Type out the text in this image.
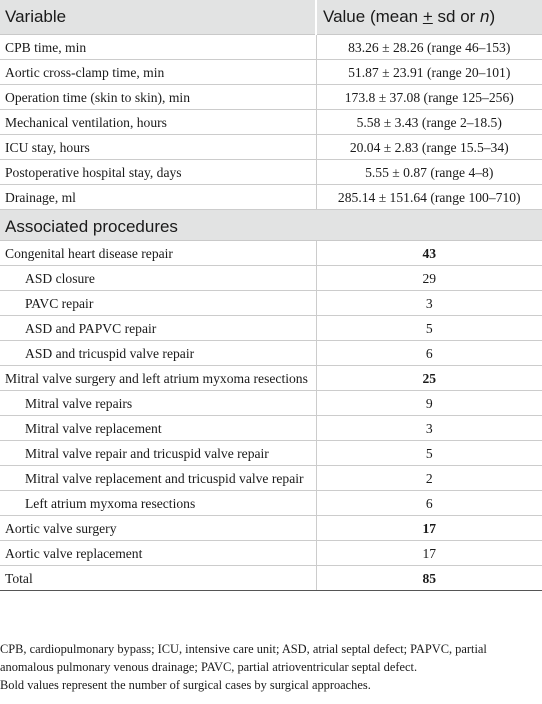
Variable	Value (mean + sd or n)
CPB time, min	83.26 ± 28.26 (range 46–153)
Aortic cross-clamp time, min	51.87 ± 23.91 (range 20–101)
Operation time (skin to skin), min	173.8 ± 37.08 (range 125–256)
Mechanical ventilation, hours	5.58 ± 3.43 (range 2–18.5)
ICU stay, hours	20.04 ± 2.83 (range 15.5–34)
Postoperative hospital stay, days	5.55 ± 0.87 (range 4–8)
Drainage, ml	285.14 ± 151.64 (range 100–710)
Associated procedures	
Congenital heart disease repair	43
ASD closure	29
PAVC repair	3
ASD and PAPVC repair	5
ASD and tricuspid valve repair	6
Mitral valve surgery and left atrium myxoma resections	25
Mitral valve repairs	9
Mitral valve replacement	3
Mitral valve repair and tricuspid valve repair	5
Mitral valve replacement and tricuspid valve repair	2
Left atrium myxoma resections	6
Aortic valve surgery	17
Aortic valve replacement	17
Total	85

CPB, cardiopulmonary bypass; ICU, intensive care unit; ASD, atrial septal defect; PAPVC, partial anomalous pulmonary venous drainage; PAVC, partial atrioventricular septal defect.

Bold values represent the number of surgical cases by surgical approaches.
